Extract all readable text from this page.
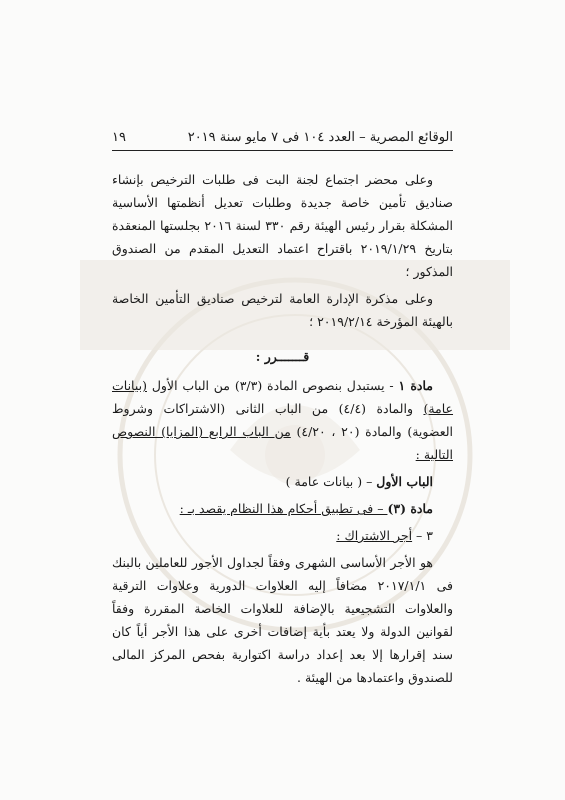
الوقائع المصرية – العدد ١٠٤ فى ٧ مايو سنة ٢٠١٩
١٩

وعلى محضر اجتماع لجنة البت فى طلبات الترخيص بإنشاء صناديق تأمين خاصة جديدة وطلبات تعديل أنظمتها الأساسية المشكلة بقرار رئيس الهيئة رقم ٣٣٠ لسنة ٢٠١٦ بجلستها المنعقدة بتاريخ ٢٠١٩/١/٢٩ باقتراح اعتماد التعديل المقدم من الصندوق المذكور ؛

وعلى مذكرة الإدارة العامة لترخيص صناديق التأمين الخاصة بالهيئة المؤرخة ٢٠١٩/٢/١٤ ؛

قـــــــرر :

مادة ١ - يستبدل بنصوص المادة (٣/٣) من الباب الأول (بيانات عامة) والمادة (٤/٤) من الباب الثانى (الاشتراكات وشروط العضوية) والمادة (٢٠ ، ٤/٢٠) من الباب الرابع (المزايا) النصوص التالية :

الباب الأول – ( بيانات عامة )

مادة (٣) – فى تطبيق أحكام هذا النظام يقصد بـ :

٣ – أجر الاشتراك :

هو الأجر الأساسى الشهرى وفقاً لجداول الأجور للعاملين بالبنك فى ٢٠١٧/١/١ مضافاً إليه العلاوات الدورية وعلاوات الترقية والعلاوات التشجيعية بالإضافة للعلاوات الخاصة المقررة وفقاً لقوانين الدولة ولا يعتد بأية إضافات أخرى على هذا الأجر أياً كان سند إقرارها إلا بعد إعداد دراسة اكتوارية بفحص المركز المالى للصندوق واعتمادها من الهيئة .
